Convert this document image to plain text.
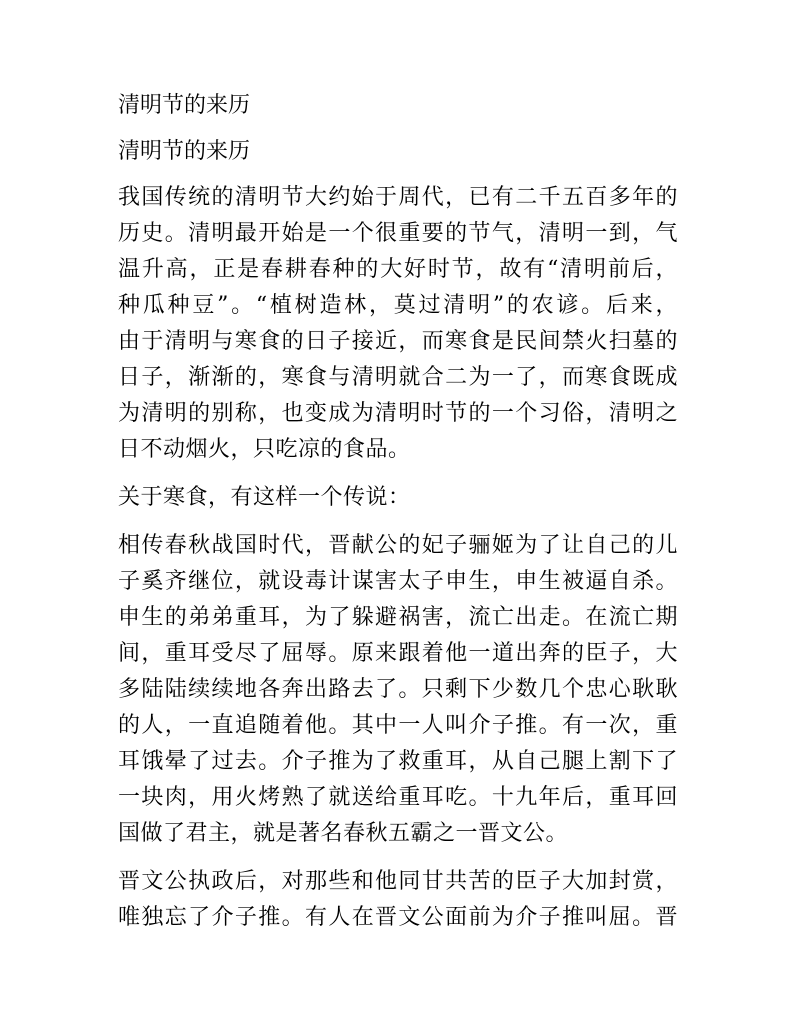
清明节的来历
清明节的来历
我国传统的清明节大约始于周代，已有二千五百多年的
历史。清明最开始是一个很重要的节气，清明一到，气
温升高，正是春耕春种的大好时节，故有“清明前后，
种瓜种豆”。“植树造林，莫过清明”的农谚。后来，
由于清明与寒食的日子接近，而寒食是民间禁火扫墓的
日子，渐渐的，寒食与清明就合二为一了，而寒食既成
为清明的别称，也变成为清明时节的一个习俗，清明之
日不动烟火，只吃凉的食品。
关于寒食，有这样一个传说：
相传春秋战国时代，晋献公的妃子骊姬为了让自己的儿
子奚齐继位，就设毒计谋害太子申生，申生被逼自杀。
申生的弟弟重耳，为了躲避祸害，流亡出走。在流亡期
间，重耳受尽了屈辱。原来跟着他一道出奔的臣子，大
多陆陆续续地各奔出路去了。只剩下少数几个忠心耿耿
的人，一直追随着他。其中一人叫介子推。有一次，重
耳饿晕了过去。介子推为了救重耳，从自己腿上割下了
一块肉，用火烤熟了就送给重耳吃。十九年后，重耳回
国做了君主，就是著名春秋五霸之一晋文公。
晋文公执政后，对那些和他同甘共苦的臣子大加封赏，
唯独忘了介子推。有人在晋文公面前为介子推叫屈。晋
